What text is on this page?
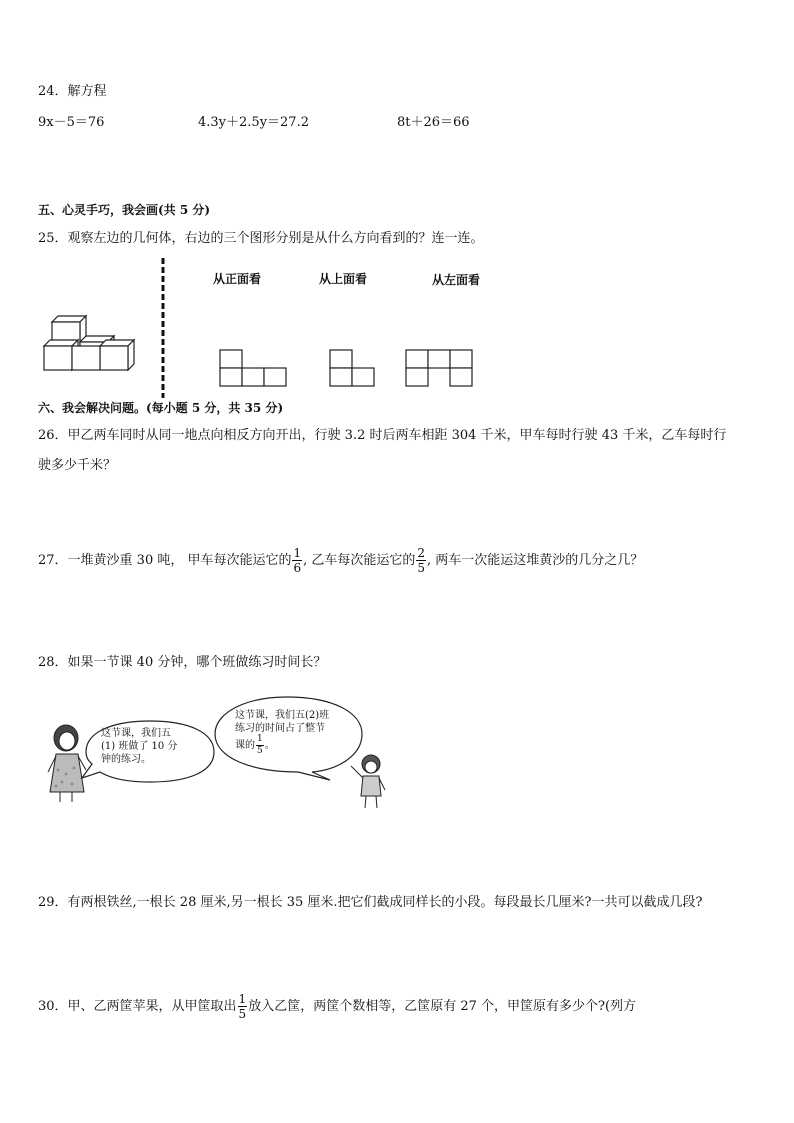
24．解方程
9x－5＝76	4.3y＋2.5y＝27.2	8t＋26＝66
五、心灵手巧，我会画(共 5 分)
25．观察左边的几何体，右边的三个图形分别是从什么方向看到的？连一连。
从正面看	从上面看	从左面看
六、我会解决问题。(每小题 5 分，共 35 分)
26．甲乙两车同时从同一地点向相反方向开出，行驶 3.2 时后两车相距 304 千米，甲车每时行驶 43 千米，乙车每时行
驶多少千米？
27．一堆黄沙重 30 吨， 甲车每次能运它的 $\frac{1}{6}$ , 乙车每次能运它的 $\frac{2}{5}$ , 两车一次能运这堆黄沙的几分之几？
28．如果一节课 40 分钟，哪个班做练习时间长？
这节课，我们五
(1) 班做了 10 分
钟的练习。
这节课，我们五(2)班
练习的时间占了整节
课的 $\frac{1}{5}$ 。
29．有两根铁丝,一根长 28 厘米,另一根长 35 厘米.把它们截成同样长的小段。每段最长几厘米?一共可以截成几段?
30．甲、乙两筐苹果，从甲筐取出 $\frac{1}{5}$ 放入乙筐，两筐个数相等，乙筐原有 27 个，甲筐原有多少个?(列方
